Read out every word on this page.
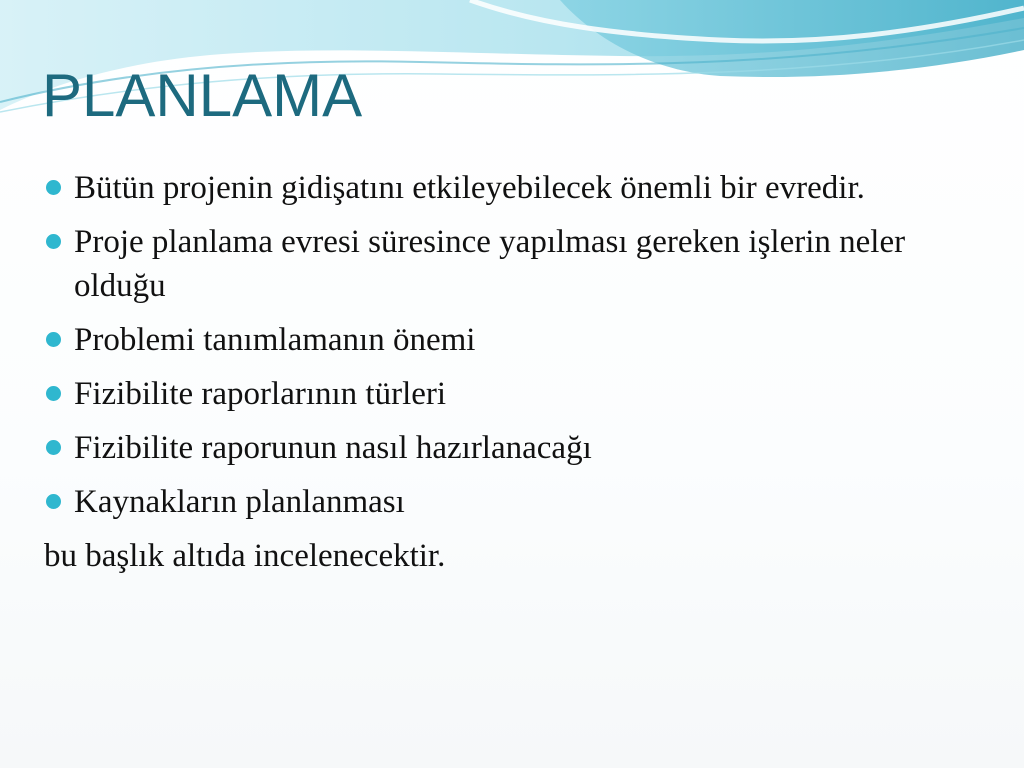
PLANLAMA
Bütün projenin gidişatını etkileyebilecek önemli bir evredir.
Proje planlama evresi süresince yapılması gereken işlerin neler olduğu
Problemi tanımlamanın önemi
Fizibilite raporlarının türleri
Fizibilite raporunun nasıl hazırlanacağı
Kaynakların planlanması
bu başlık altıda incelenecektir.
